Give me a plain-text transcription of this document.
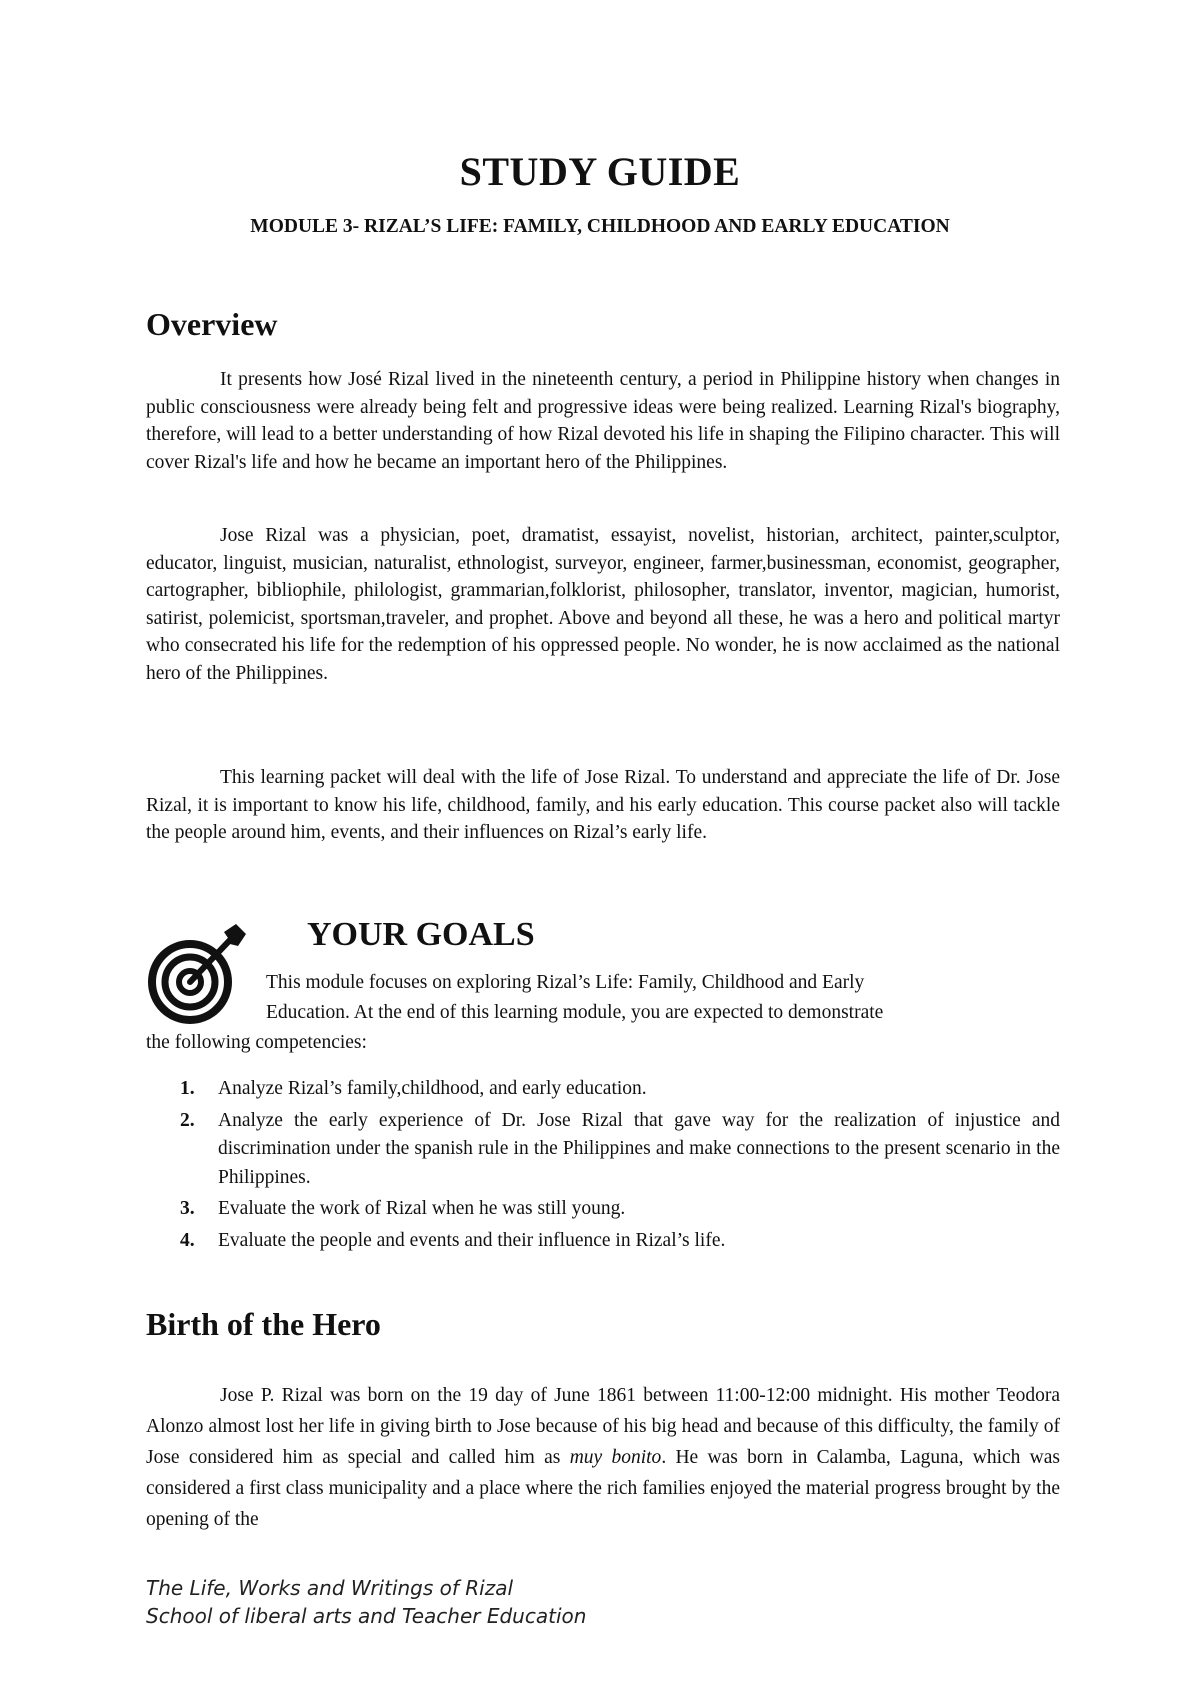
STUDY GUIDE
MODULE 3- RIZAL’S LIFE: FAMILY, CHILDHOOD AND EARLY EDUCATION
Overview

It presents how José Rizal lived in the nineteenth century, a period in Philippine history when changes in public consciousness were already being felt and progressive ideas were being realized. Learning Rizal's biography, therefore, will lead to a better understanding of how Rizal devoted his life in shaping the Filipino character. This will cover Rizal's life and how he became an important hero of the Philippines.

Jose Rizal was a physician, poet, dramatist, essayist, novelist, historian, architect, painter,sculptor, educator, linguist, musician, naturalist, ethnologist, surveyor, engineer, farmer,businessman, economist, geographer, cartographer, bibliophile, philologist, grammarian,folklorist, philosopher, translator, inventor, magician, humorist, satirist, polemicist, sportsman,traveler, and prophet. Above and beyond all these, he was a hero and political martyr who consecrated his life for the redemption of his oppressed people. No wonder, he is now acclaimed as the national hero of the Philippines.

This learning packet will deal with the life of Jose Rizal. To understand and appreciate the life of Dr. Jose Rizal, it is important to know his life, childhood, family, and his early education. This course packet also will tackle the people around him, events, and their influences on Rizal’s early life.

YOUR GOALS
This module focuses on exploring Rizal’s Life: Family, Childhood and Early
Education. At the end of this learning module, you are expected to demonstrate
the following competencies:
1.	Analyze Rizal’s family,childhood, and early education.
2.	Analyze the early experience of Dr. Jose Rizal that gave way for the realization of injustice and discrimination under the spanish rule in the Philippines and make connections to the present scenario in the Philippines.
3.	Evaluate the work of Rizal when he was still young.
4.	Evaluate the people and events and their influence in Rizal’s life.
Birth of the Hero

Jose P. Rizal was born on the 19 day of June 1861 between 11:00-12:00 midnight. His mother Teodora Alonzo almost lost her life in giving birth to Jose because of his big head and because of this difficulty, the family of Jose considered him as special and called him as muy bonito. He was born in Calamba, Laguna, which was considered a first class municipality and a place where the rich families enjoyed the material progress brought by the opening of the

The Life, Works and Writings of Rizal
School of liberal arts and Teacher Education
